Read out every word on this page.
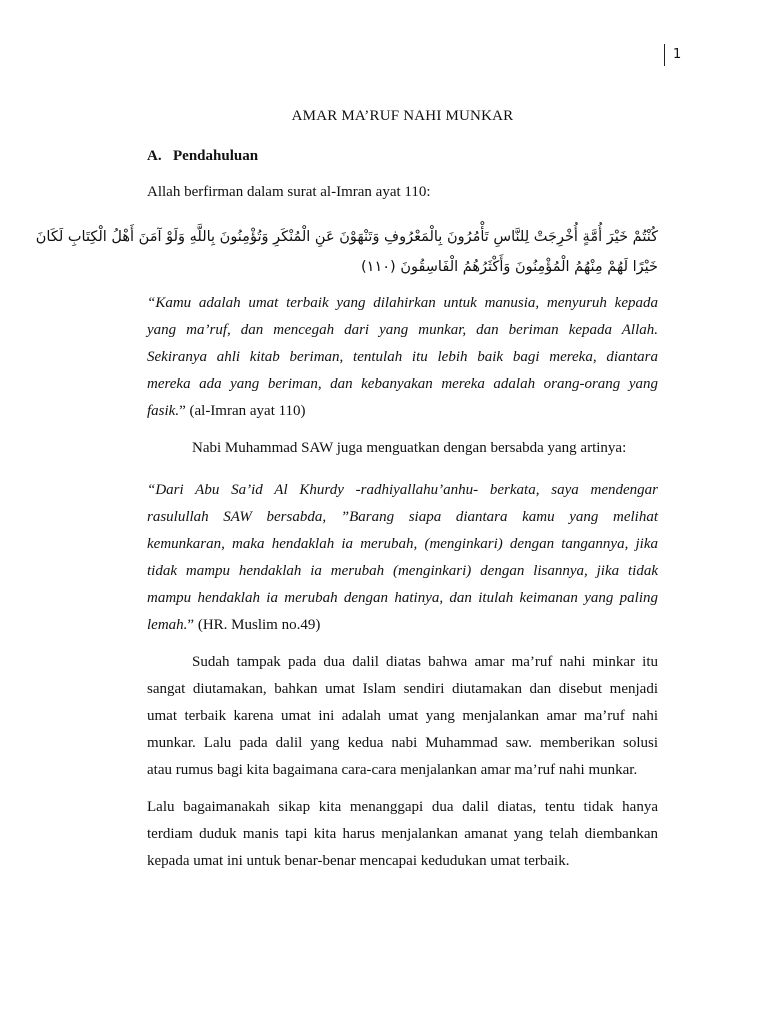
1
AMAR MA’RUF NAHI MUNKAR
A. Pendahuluan
Allah berfirman dalam surat al-Imran ayat 110:
كُنْتُمْ خَيْرَ أُمَّةٍ أُخْرِجَتْ لِلنَّاسِ تَأْمُرُونَ بِالْمَعْرُوفِ وَتَنْهَوْنَ عَنِ الْمُنْكَرِ وَتُؤْمِنُونَ بِاللَّهِ وَلَوْ آمَنَ أَهْلُ الْكِتَابِ لَكَانَ
خَيْرًا لَهُمْ مِنْهُمُ الْمُؤْمِنُونَ وَأَكْثَرُهُمُ الْفَاسِقُونَ (١١٠)
“Kamu adalah umat terbaik yang dilahirkan untuk manusia, menyuruh kepada
yang ma’ruf, dan mencegah dari yang munkar, dan beriman kepada Allah.
Sekiranya ahli kitab beriman, tentulah itu lebih baik bagi mereka, diantara
mereka ada yang beriman, dan kebanyakan mereka adalah orang-orang yang
fasik.” (al-Imran ayat 110)
Nabi Muhammad SAW juga menguatkan dengan bersabda yang artinya:
“Dari Abu Sa’id Al Khurdy -radhiyallahu’anhu- berkata, saya mendengar
rasulullah SAW bersabda, ”Barang siapa diantara kamu yang melihat
kemunkaran, maka hendaklah ia merubah, (menginkari) dengan tangannya, jika
tidak mampu hendaklah ia merubah (menginkari) dengan lisannya, jika tidak
mampu hendaklah ia merubah dengan hatinya, dan itulah keimanan yang paling
lemah.” (HR. Muslim no.49)
Sudah tampak pada dua dalil diatas bahwa amar ma’ruf nahi minkar itu
sangat diutamakan, bahkan umat Islam sendiri diutamakan dan disebut menjadi
umat terbaik karena umat ini adalah umat yang menjalankan amar ma’ruf nahi
munkar. Lalu pada dalil yang kedua nabi Muhammad saw. memberikan solusi
atau rumus bagi kita bagaimana cara-cara menjalankan amar ma’ruf nahi munkar.
Lalu bagaimanakah sikap kita menanggapi dua dalil diatas, tentu tidak hanya
terdiam duduk manis tapi kita harus menjalankan amanat yang telah diembankan
kepada umat ini untuk benar-benar mencapai kedudukan umat terbaik.
